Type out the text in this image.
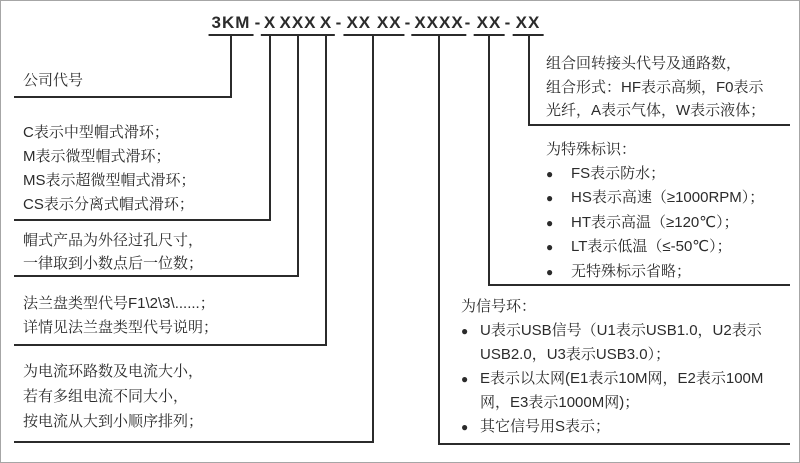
3KM - X XXX X - XX XX - XXXX - XX - XX
公司代号
C表示中型帽式滑环；
M表示微型帽式滑环；
MS表示超微型帽式滑环；
CS表示分离式帽式滑环；
帽式产品为外径过孔尺寸，
一律取到小数点后一位数；
法兰盘类型代号F1\2\3\......；
详情见法兰盘类型代号说明；
为电流环路数及电流大小，
若有多组电流不同大小，
按电流从大到小顺序排列；
组合回转接头代号及通路数，
组合形式：HF表示高频，F0表示
光纤，A表示气体，W表示液体；
为特殊标识：
● FS表示防水；
● HS表示高速（≥1000RPM）；
● HT表示高温（≥120℃）；
● LT表示低温（≤-50℃）；
● 无特殊标示省略；
为信号环：
● U表示USB信号（U1表示USB1.0，U2表示
USB2.0，U3表示USB3.0）；
● E表示以太网(E1表示10M网，E2表示100M
网，E3表示1000M网)；
● 其它信号用S表示；
